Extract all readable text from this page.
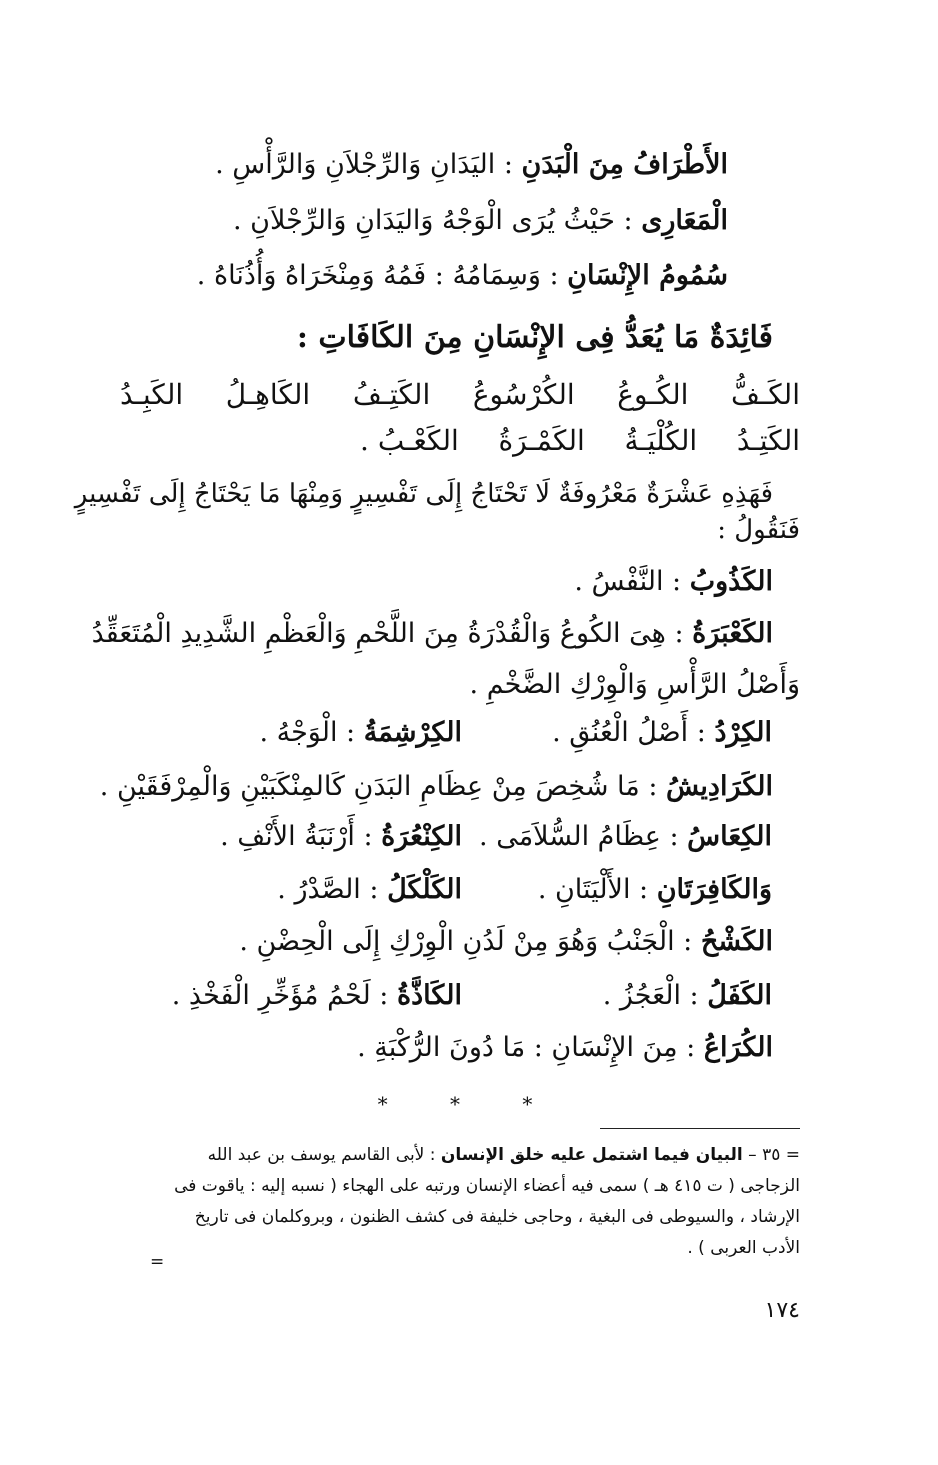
الأَطْرَافُ مِنَ الْبَدَنِ : اليَدَانِ وَالرِّجْلاَنِ وَالرَّأْسِ .
الْمَعَارِى : حَيْثُ يُرَى الْوَجْهُ وَاليَدَانِ وَالرِّجْلاَنِ .
سُمُومُ الإِنْسَانِ : وَسِمَامُهُ : فَمُهُ وَمِنْخَرَاهُ وَأُذُنَاهُ .
فَائِدَةٌ مَا يُعَدُّ فِى الإِنْسَانِ مِنَ الكَافَاتِ :
الكَـفُّ
الكُـوعُ
الكُرْسُوعُ
الكَتِـفُ
الكَاهِـلُ
الكَبِـدُ
الكَتِـدُ
الكُلْيَـةُ
الكَمْـرَةُ
الكَعْـبُ .
فَهَذِهِ عَشْرَةٌ مَعْرُوفَةٌ لَا تَحْتَاجُ إِلَى تَفْسِيرٍ وَمِنْهَا مَا يَحْتَاجُ إِلَى تَفْسِيرٍ
فَنَقُولُ :
الكَذُوبُ : النَّفْسُ .
الكَعْبَرَةُ : هِىَ الكُوعُ وَالْقُدْرَةُ مِنَ اللَّحْمِ وَالْعَظْمِ الشَّدِيدِ الْمُتَعَقِّدُ
وَأَصْلُ الرَّأْسِ وَالْوِرْكِ الضَّخْمِ .
الكِرْدُ : أَصْلُ الْعُنُقِ .
الكِرْشِمَةُ : الْوَجْهُ .
الكَرَادِيشُ : مَا شُخِصَ مِنْ عِظَامِ البَدَنِ كَالمِنْكَبَيْنِ وَالْمِرْفَقَيْنِ .
الكِعَاسُ : عِظَامُ السُّلاَمَى .
الكِنْعُرَةُ : أَرْنَبَةُ الأَنْفِ .
وَالكَافِرَتَانِ : الأَلْيَتَانِ .
الكَلْكَلُ : الصَّدْرُ .
الكَشْحُ : الْجَنْبُ وَهُوَ مِنْ لَدُنِ الْوِرْكِ إِلَى الْحِضْنِ .
الكَفَلُ : الْعَجُزُ .
الكَاذَّةُ : لَحْمُ مُؤَخِّرِ الْفَخْذِ .
الكُرَاعُ : مِنَ الإِنْسَانِ : مَا دُونَ الرُّكْبَةِ .
* * *
= ٣٥ – البيان فيما اشتمل عليه خلق الإنسان : لأبى القاسم يوسف بن عبد الله
الزجاجى ( ت ٤١٥ هـ ) سمى فيه أعضاء الإنسان ورتبه على الهجاء ( نسبه إليه : ياقوت فى
الإرشاد ، والسيوطى فى البغية ، وحاجى خليفة فى كشف الظنون ، وبروكلمان فى تاريخ
الأدب العربى ) .
=
١٧٤
